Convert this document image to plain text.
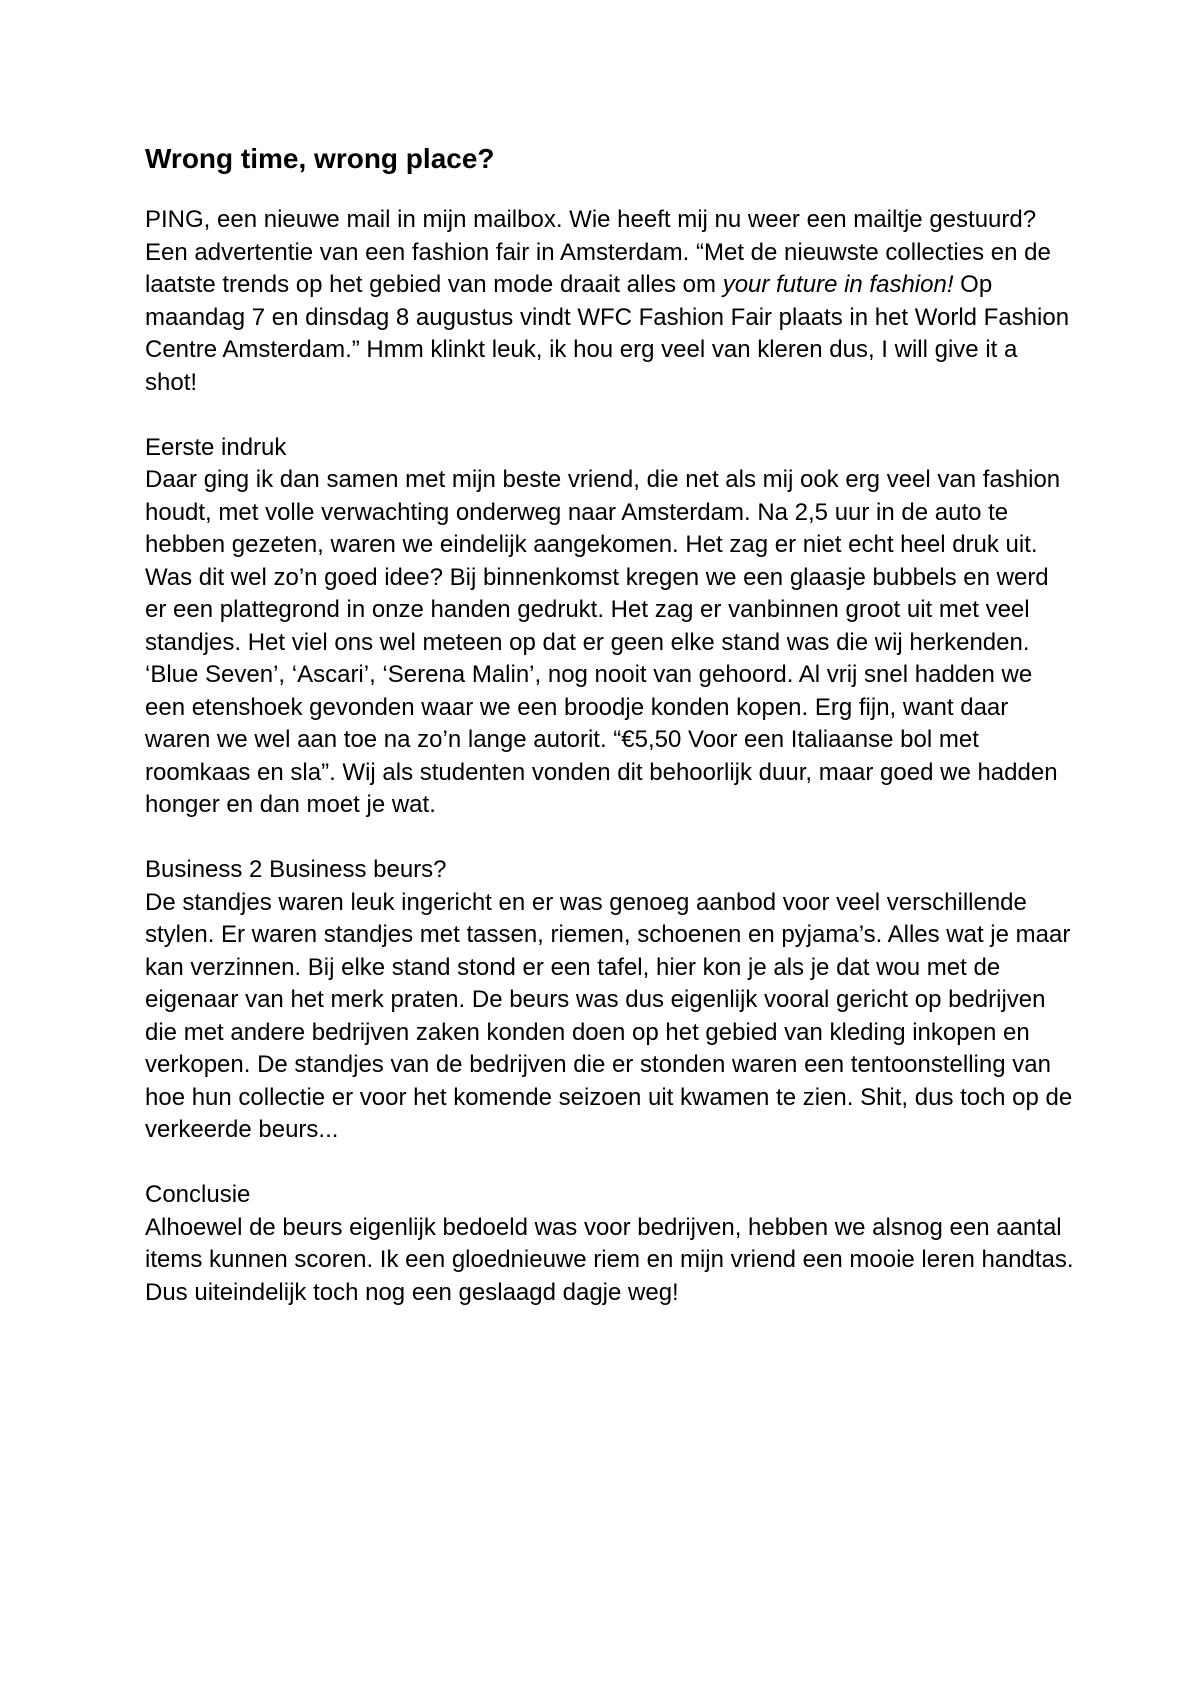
Wrong time, wrong place?

PING, een nieuwe mail in mijn mailbox. Wie heeft mij nu weer een mailtje gestuurd? Een advertentie van een fashion fair in Amsterdam. “Met de nieuwste collecties en de laatste trends op het gebied van mode draait alles om your future in fashion! Op maandag 7 en dinsdag 8 augustus vindt WFC Fashion Fair plaats in het World Fashion Centre Amsterdam.” Hmm klinkt leuk, ik hou erg veel van kleren dus, I will give it a shot!

Eerste indruk

Daar ging ik dan samen met mijn beste vriend, die net als mij ook erg veel van fashion houdt, met volle verwachting onderweg naar Amsterdam. Na 2,5 uur in de auto te hebben gezeten, waren we eindelijk aangekomen. Het zag er niet echt heel druk uit. Was dit wel zo’n goed idee? Bij binnenkomst kregen we een glaasje bubbels en werd er een plattegrond in onze handen gedrukt. Het zag er vanbinnen groot uit met veel standjes. Het viel ons wel meteen op dat er geen elke stand was die wij herkenden. ‘Blue Seven’, ‘Ascari’, ‘Serena Malin’, nog nooit van gehoord. Al vrij snel hadden we een etenshoek gevonden waar we een broodje konden kopen. Erg fijn, want daar waren we wel aan toe na zo’n lange autorit. “€5,50 Voor een Italiaanse bol met roomkaas en sla”. Wij als studenten vonden dit behoorlijk duur, maar goed we hadden honger en dan moet je wat.

Business 2 Business beurs?

De standjes waren leuk ingericht en er was genoeg aanbod voor veel verschillende stylen. Er waren standjes met tassen, riemen, schoenen en pyjama’s. Alles wat je maar kan verzinnen. Bij elke stand stond er een tafel, hier kon je als je dat wou met de eigenaar van het merk praten. De beurs was dus eigenlijk vooral gericht op bedrijven die met andere bedrijven zaken konden doen op het gebied van kleding inkopen en verkopen. De standjes van de bedrijven die er stonden waren een tentoonstelling van hoe hun collectie er voor het komende seizoen uit kwamen te zien. Shit, dus toch op de verkeerde beurs...

Conclusie

Alhoewel de beurs eigenlijk bedoeld was voor bedrijven, hebben we alsnog een aantal items kunnen scoren. Ik een gloednieuwe riem en mijn vriend een mooie leren handtas. Dus uiteindelijk toch nog een geslaagd dagje weg!
